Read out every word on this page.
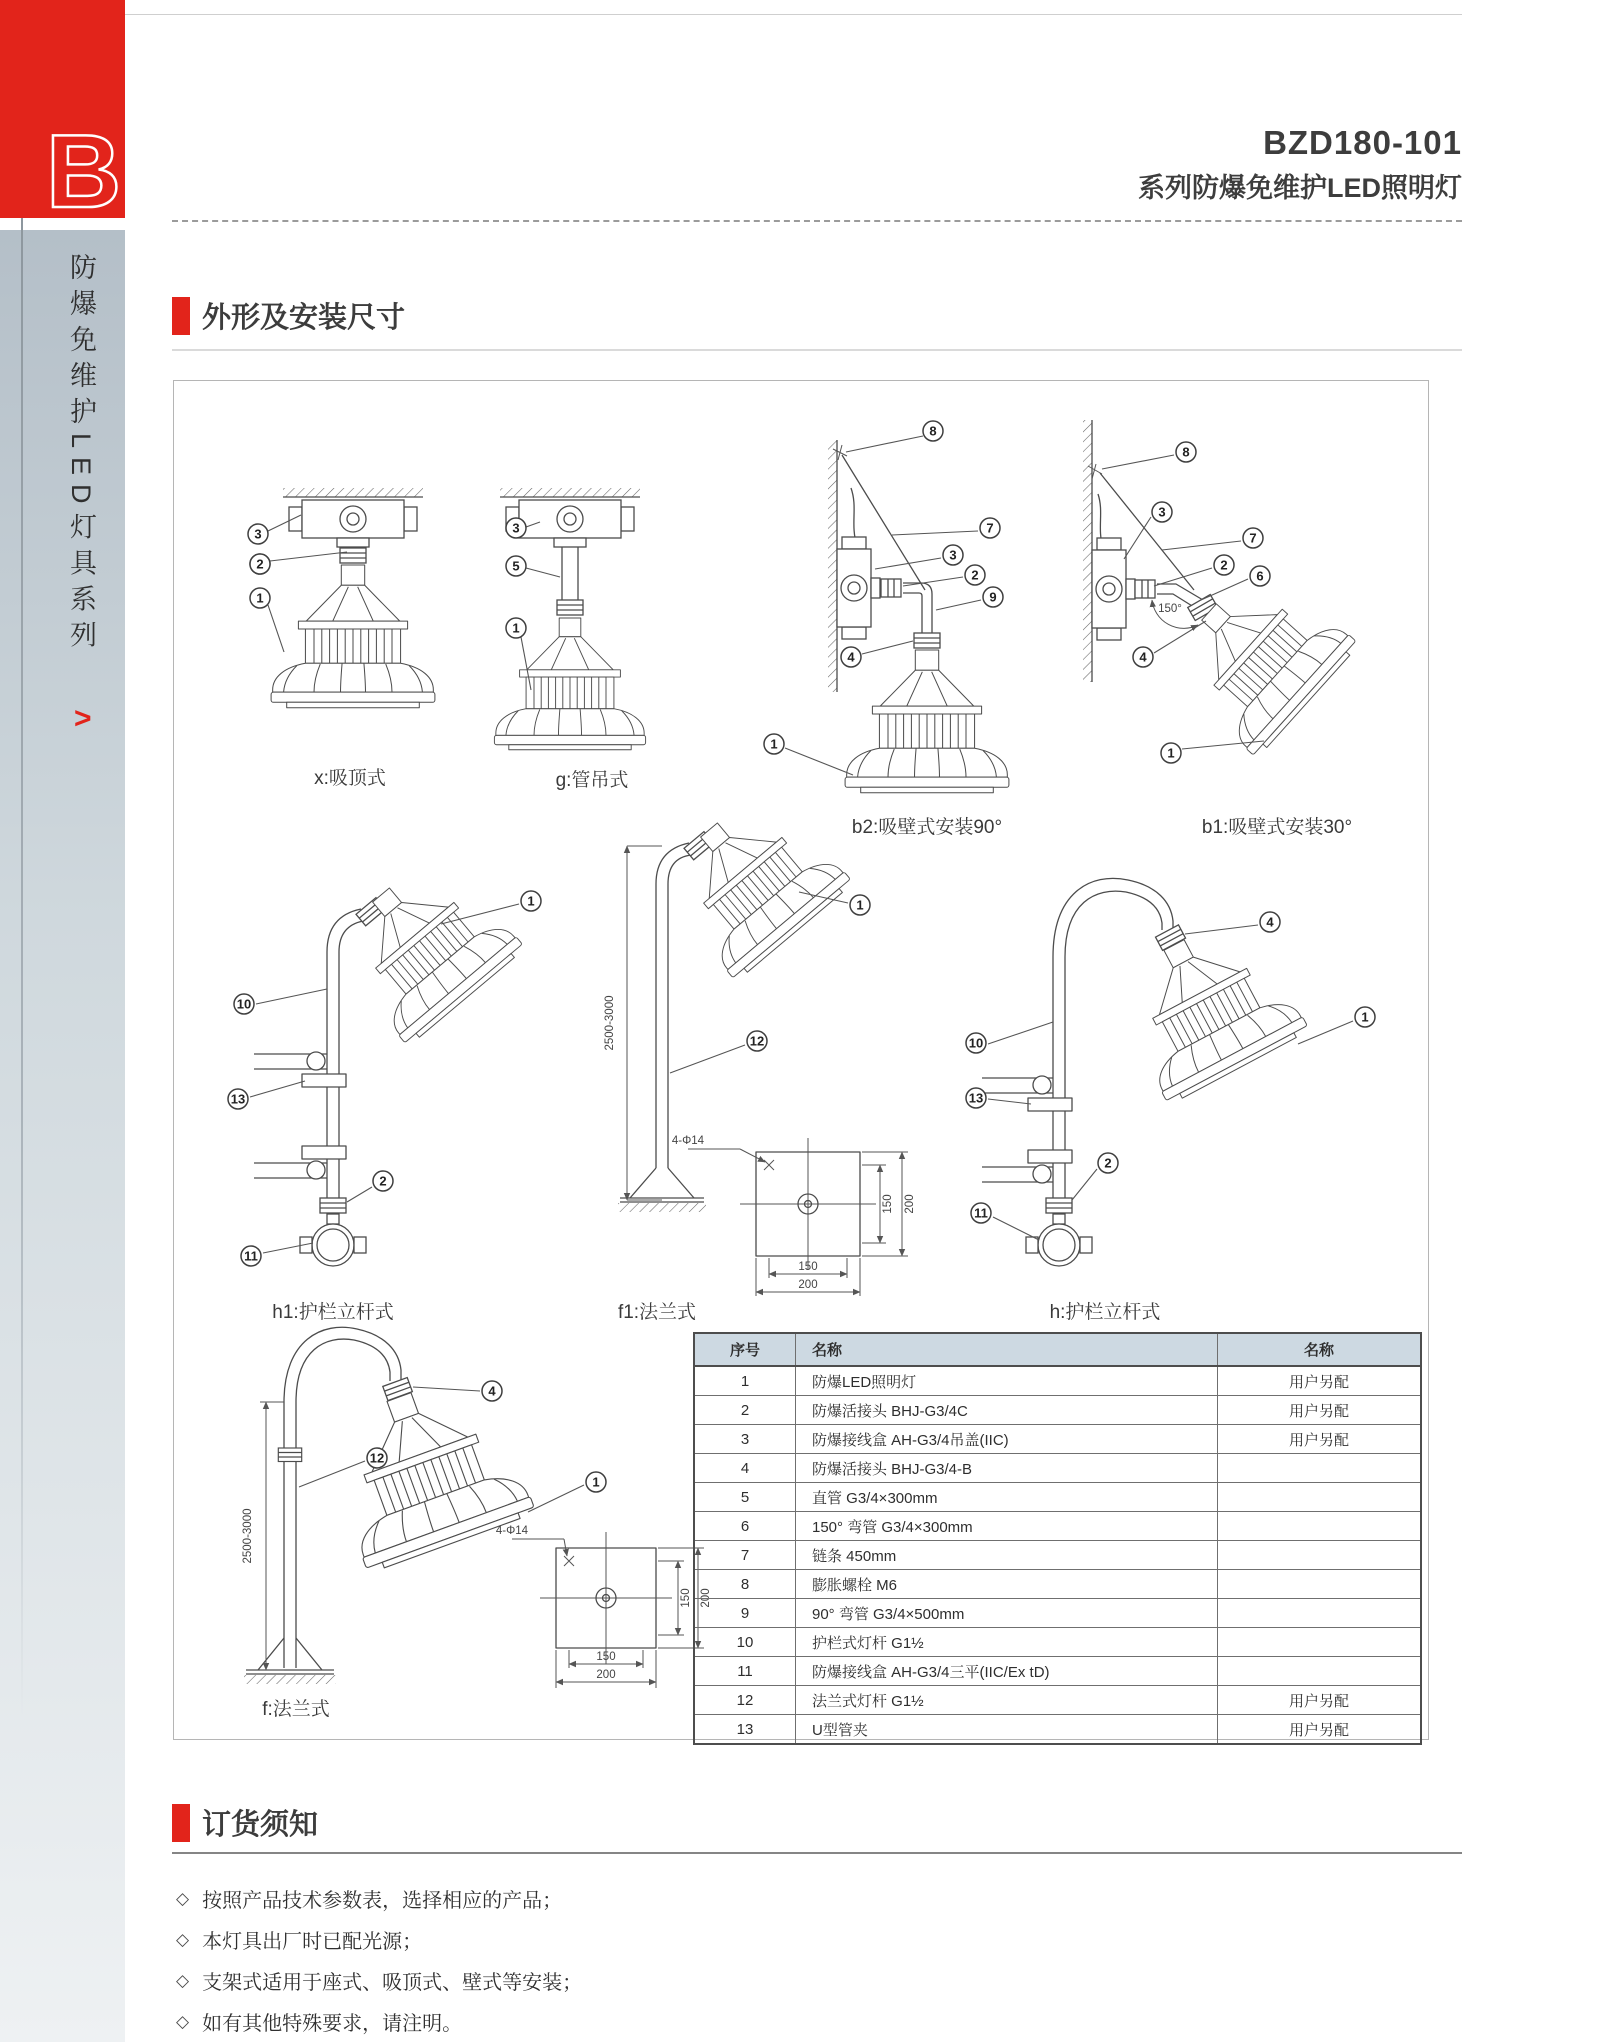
B
防爆免维护LED灯具系列
>
BZD180-101
系列防爆免维护LED照明灯
外形及安装尺寸
3
2
1
x:吸顶式
3
5
1
g:管吊式
8
7
3
2
9
4
1
b2:吸壁式安装90°
150°
8
3
7
2
6
4
1
b1:吸壁式安装30°
1
10
13
2
11
h1:护栏立杆式
2500-3000
1
12
f1:法兰式
4-Φ14
150 200
150
200
4
1
10
13
2
11
h:护栏立杆式
2500-3000
4
12
1
f:法兰式
4-Φ14
150 200
150
200
序号	名称	名称
1	防爆LED照明灯	用户另配
2	防爆活接头 BHJ-G3/4C	用户另配
3	防爆接线盒 AH-G3/4吊盖(IIC)	用户另配
4	防爆活接头 BHJ-G3/4-B	
5	直管 G3/4×300mm	
6	150° 弯管 G3/4×300mm	
7	链条 450mm	
8	膨胀螺栓 M6	
9	90° 弯管 G3/4×500mm	
10	护栏式灯杆 G1½	
11	防爆接线盒 AH-G3/4三平(IIC/Ex tD)	
12	法兰式灯杆 G1½	用户另配
13	U型管夹	用户另配
订货须知
◇ 按照产品技术参数表，选择相应的产品；
◇ 本灯具出厂时已配光源；
◇ 支架式适用于座式、吸顶式、壁式等安装；
◇ 如有其他特殊要求，请注明。
